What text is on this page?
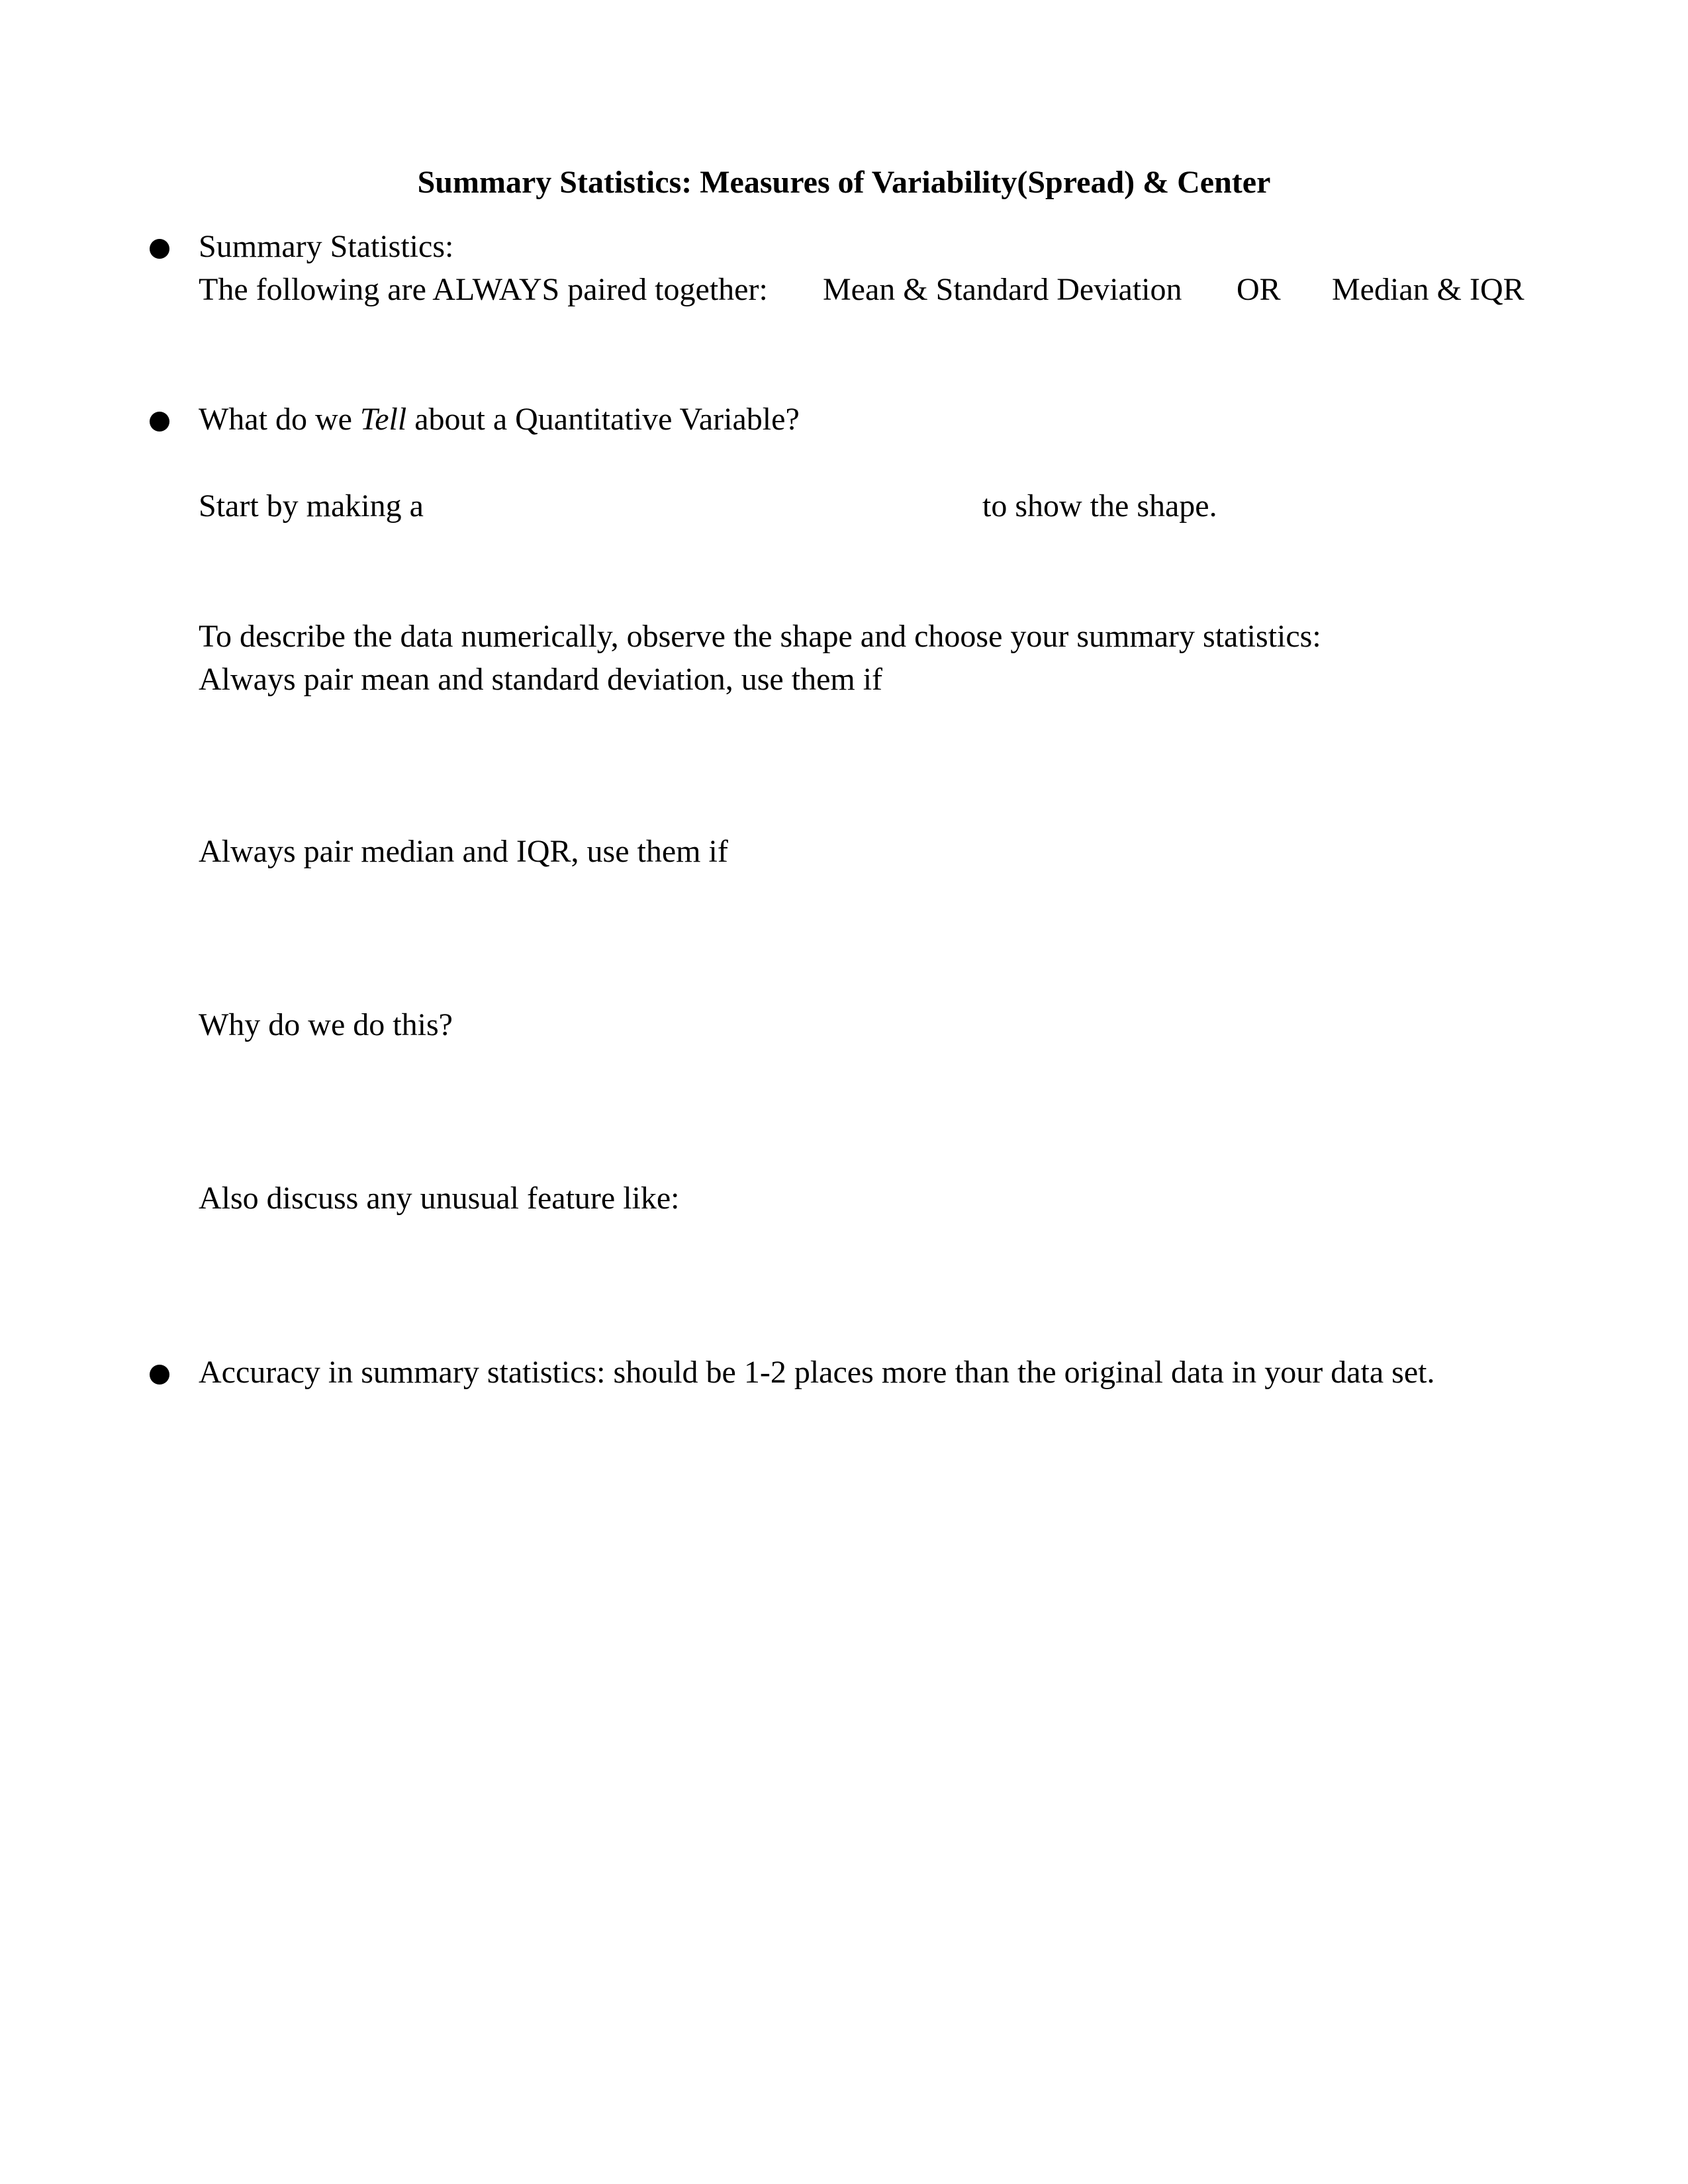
Summary Statistics: Measures of Variability(Spread) & Center
Summary Statistics:
The following are ALWAYS paired together: Mean & Standard Deviation OR Median & IQR
What do we Tell about a Quantitative Variable?
Start by making a	to show the shape.
To describe the data numerically, observe the shape and choose your summary statistics:
Always pair mean and standard deviation, use them if
Always pair median and IQR, use them if
Why do we do this?
Also discuss any unusual feature like:
Accuracy in summary statistics: should be 1-2 places more than the original data in your data set.
